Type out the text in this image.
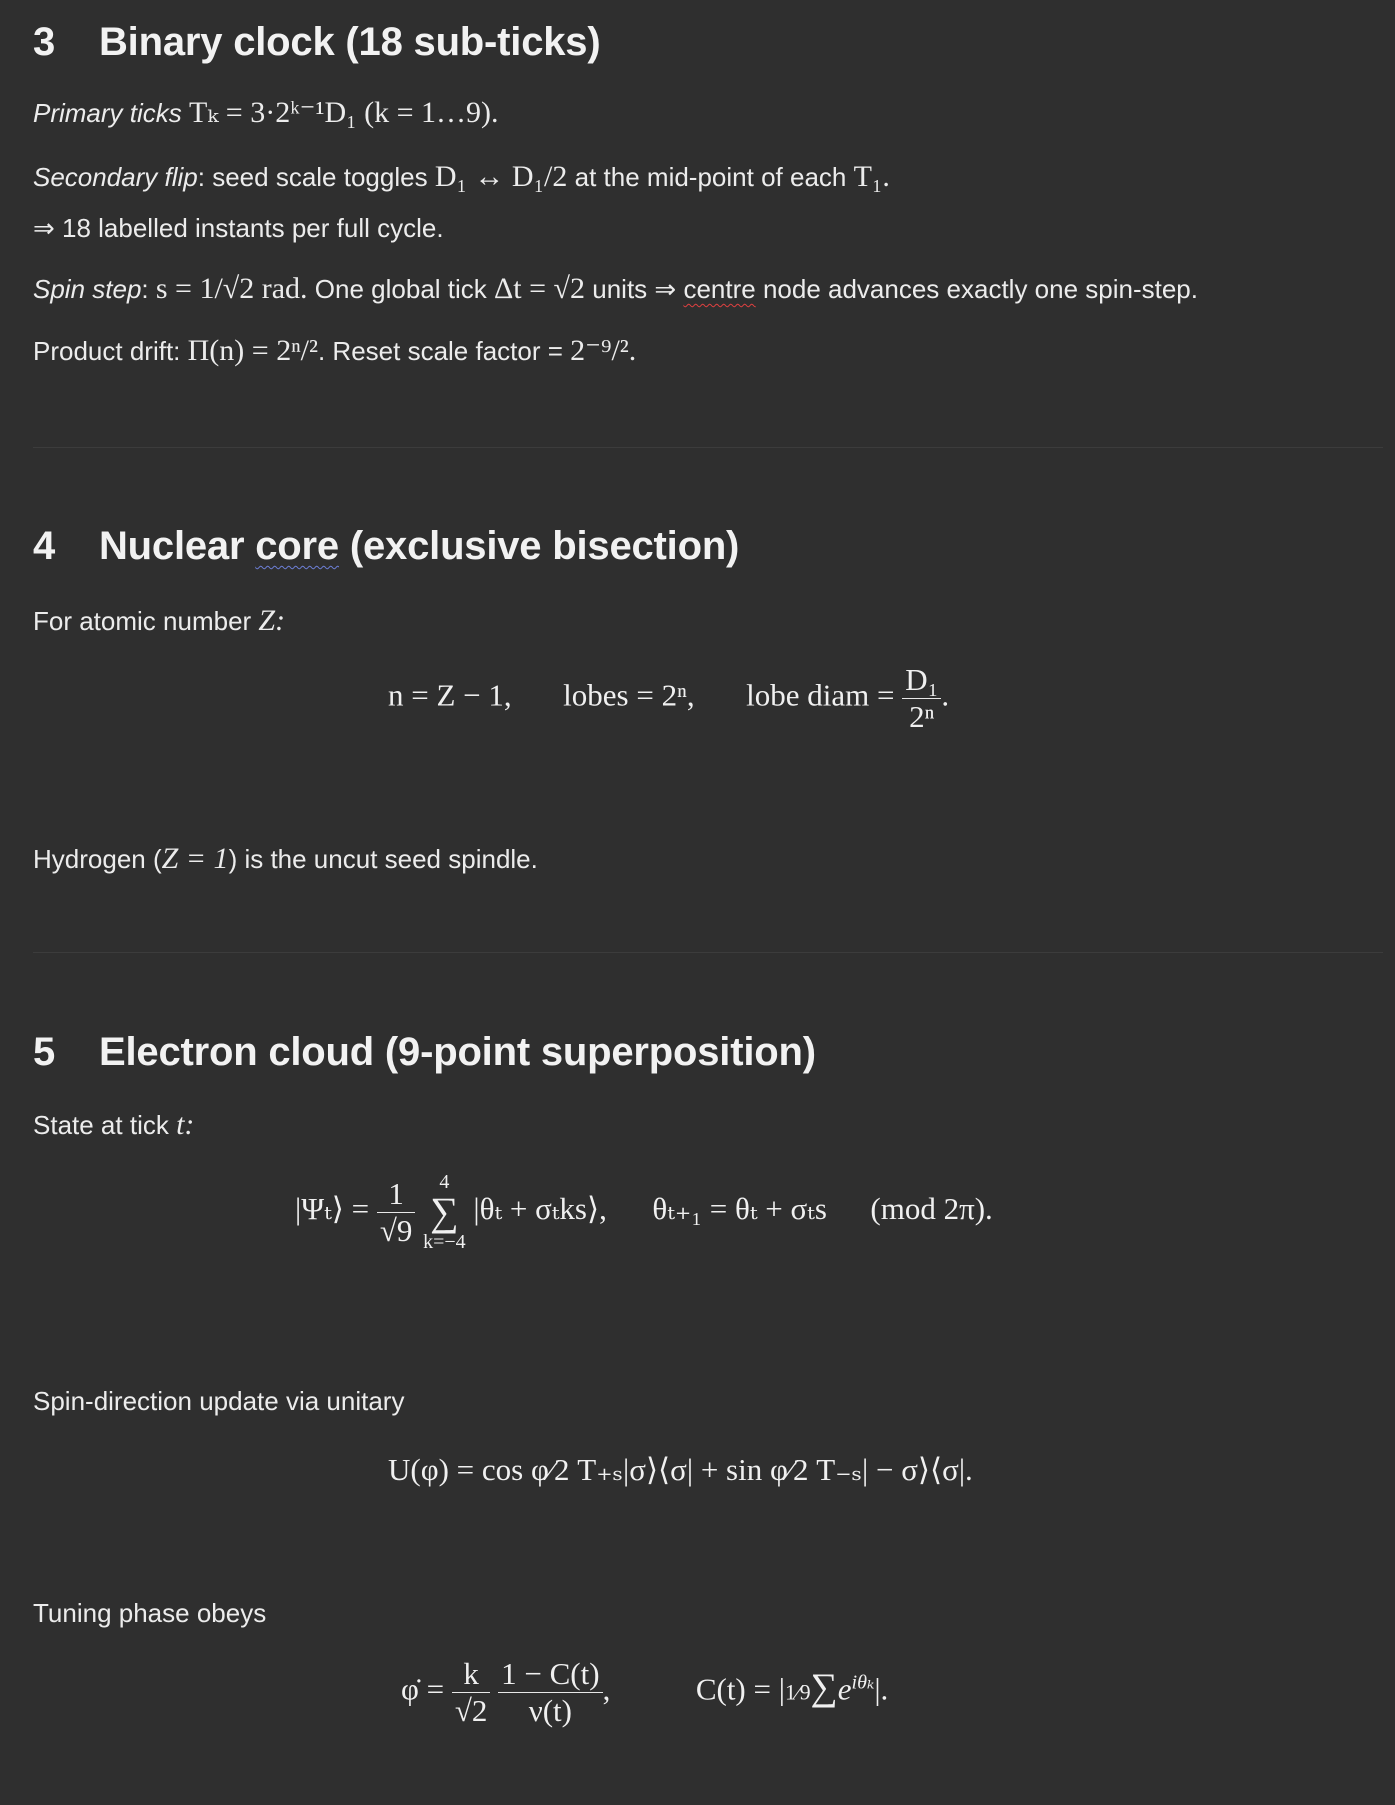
3 Binary clock (18 sub-ticks)

Primary ticks Tₖ = 3·2ᵏ⁻¹D₁ (k = 1…9).

Secondary flip: seed scale toggles D₁ ↔ D₁/2 at the mid-point of each T₁.

⇒ 18 labelled instants per full cycle.

Spin step: s = 1/√2 rad. One global tick Δt = √2 units ⇒ centre node advances exactly one spin-step.

Product drift: Π(n) = 2ⁿ/². Reset scale factor = 2⁻⁹/².

4 Nuclear core (exclusive bisection)

For atomic number Z:

n = Z − 1, lobes = 2ⁿ, lobe diam = $\frac{\text{D₁}}{\text{2ⁿ}}$ .

Hydrogen (Z = 1) is the uncut seed spindle.

5 Electron cloud (9-point superposition)

State at tick t:

|Ψₜ⟩ = $\frac{1}{√9}$
	4
∑
k=−4
|θₜ + σₜks⟩, θₜ₊₁ = θₜ + σₜs (mod 2π).

Spin-direction update via unitary

U(φ) = cos φ⁄2 T₊ₛ|σ⟩⟨σ| + sin φ⁄2 T₋ₛ| − σ⟩⟨σ|.

Tuning phase obeys

φ̇ = $\frac{k}{√2}$
$\frac{1 - C(t)}{\nu(t)}$ ,	$C(t) = |1⁄9\sum e^{i\theta_k}|$.
